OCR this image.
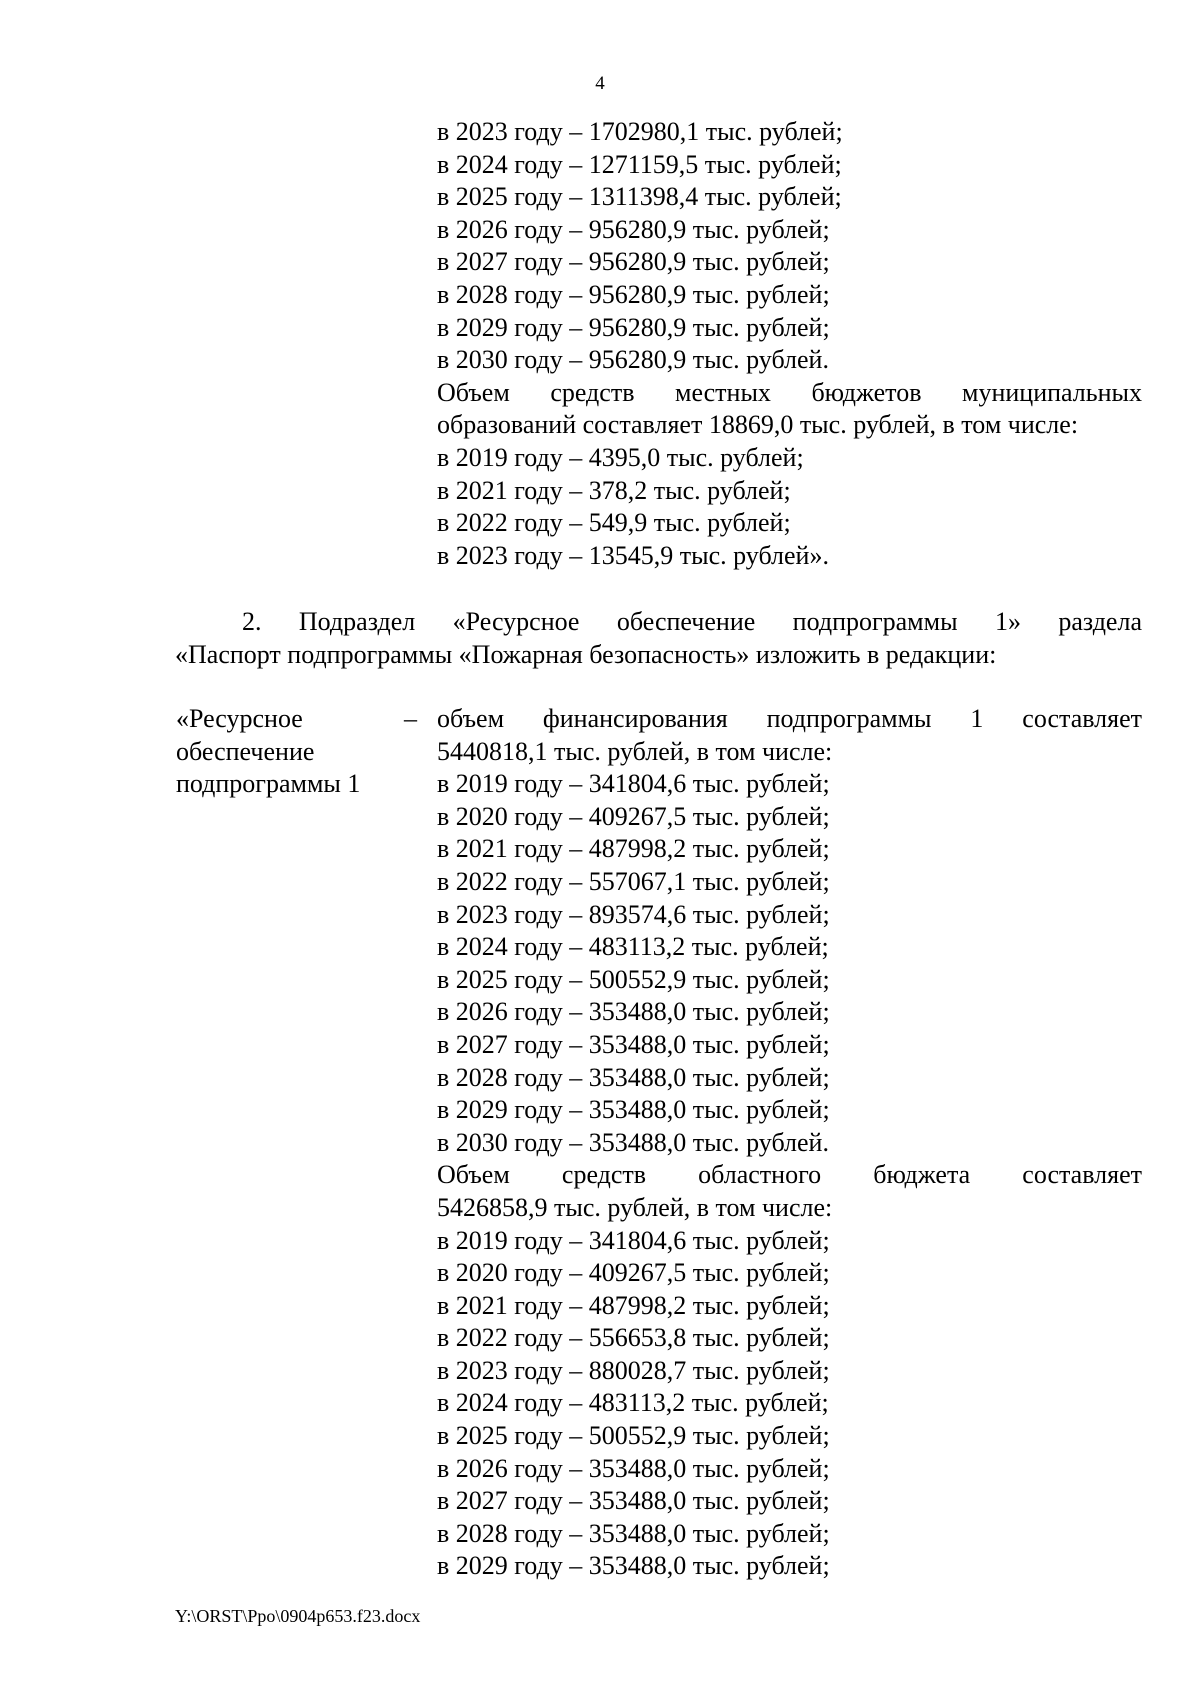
4
в 2023 году – 1702980,1 тыс. рублей;
в 2024 году – 1271159,5 тыс. рублей;
в 2025 году – 1311398,4 тыс. рублей;
в 2026 году – 956280,9 тыс. рублей;
в 2027 году – 956280,9 тыс. рублей;
в 2028 году – 956280,9 тыс. рублей;
в 2029 году – 956280,9 тыс. рублей;
в 2030 году – 956280,9 тыс. рублей.
Объем средств местных бюджетов муниципальных
образований составляет 18869,0 тыс. рублей, в том числе:
в 2019 году – 4395,0 тыс. рублей;
в 2021 году – 378,2 тыс. рублей;
в 2022 году – 549,9 тыс. рублей;
в 2023 году – 13545,9 тыс. рублей».
2. Подраздел «Ресурсное обеспечение подпрограммы 1» раздела
«Паспорт подпрограммы «Пожарная безопасность» изложить в редакции:
«Ресурсное
обеспечение
подпрограммы 1
– объем финансирования подпрограммы 1 составляет
5440818,1 тыс. рублей, в том числе:
в 2019 году – 341804,6 тыс. рублей;
в 2020 году – 409267,5 тыс. рублей;
в 2021 году – 487998,2 тыс. рублей;
в 2022 году – 557067,1 тыс. рублей;
в 2023 году – 893574,6 тыс. рублей;
в 2024 году – 483113,2 тыс. рублей;
в 2025 году – 500552,9 тыс. рублей;
в 2026 году – 353488,0 тыс. рублей;
в 2027 году – 353488,0 тыс. рублей;
в 2028 году – 353488,0 тыс. рублей;
в 2029 году – 353488,0 тыс. рублей;
в 2030 году – 353488,0 тыс. рублей.
Объем средств областного бюджета составляет
5426858,9 тыс. рублей, в том числе:
в 2019 году – 341804,6 тыс. рублей;
в 2020 году – 409267,5 тыс. рублей;
в 2021 году – 487998,2 тыс. рублей;
в 2022 году – 556653,8 тыс. рублей;
в 2023 году – 880028,7 тыс. рублей;
в 2024 году – 483113,2 тыс. рублей;
в 2025 году – 500552,9 тыс. рублей;
в 2026 году – 353488,0 тыс. рублей;
в 2027 году – 353488,0 тыс. рублей;
в 2028 году – 353488,0 тыс. рублей;
в 2029 году – 353488,0 тыс. рублей;
Y:\ORST\Ppo\0904p653.f23.docx
